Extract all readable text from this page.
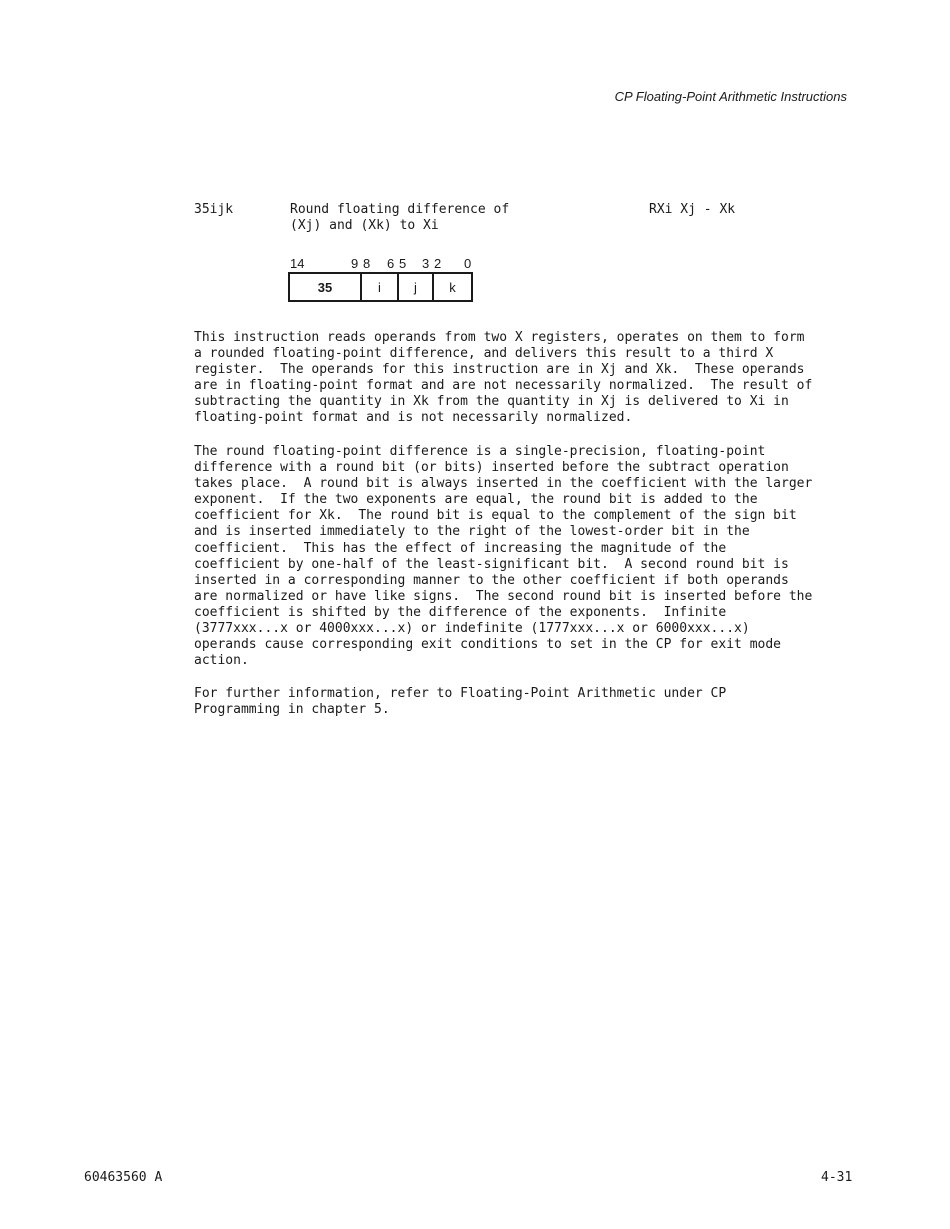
CP Floating-Point Arithmetic Instructions
35ijk	Round floating difference of
(Xj) and (Xk) to Xi
RXi Xj - Xk
14	9 8 6 5 3 2 0
35	i	j	k
This instruction reads operands from two X registers, operates on them to form
a rounded floating-point difference, and delivers this result to a third X
register.  The operands for this instruction are in Xj and Xk.  These operands
are in floating-point format and are not necessarily normalized.  The result of
subtracting the quantity in Xk from the quantity in Xj is delivered to Xi in
floating-point format and is not necessarily normalized.
The round floating-point difference is a single-precision, floating-point
difference with a round bit (or bits) inserted before the subtract operation
takes place.  A round bit is always inserted in the coefficient with the larger
exponent.  If the two exponents are equal, the round bit is added to the
coefficient for Xk.  The round bit is equal to the complement of the sign bit
and is inserted immediately to the right of the lowest-order bit in the
coefficient.  This has the effect of increasing the magnitude of the
coefficient by one-half of the least-significant bit.  A second round bit is
inserted in a corresponding manner to the other coefficient if both operands
are normalized or have like signs.  The second round bit is inserted before the
coefficient is shifted by the difference of the exponents.  Infinite
(3777xxx...x or 4000xxx...x) or indefinite (1777xxx...x or 6000xxx...x)
operands cause corresponding exit conditions to set in the CP for exit mode
action.
For further information, refer to Floating-Point Arithmetic under CP
Programming in chapter 5.
60463560 A	4-31
